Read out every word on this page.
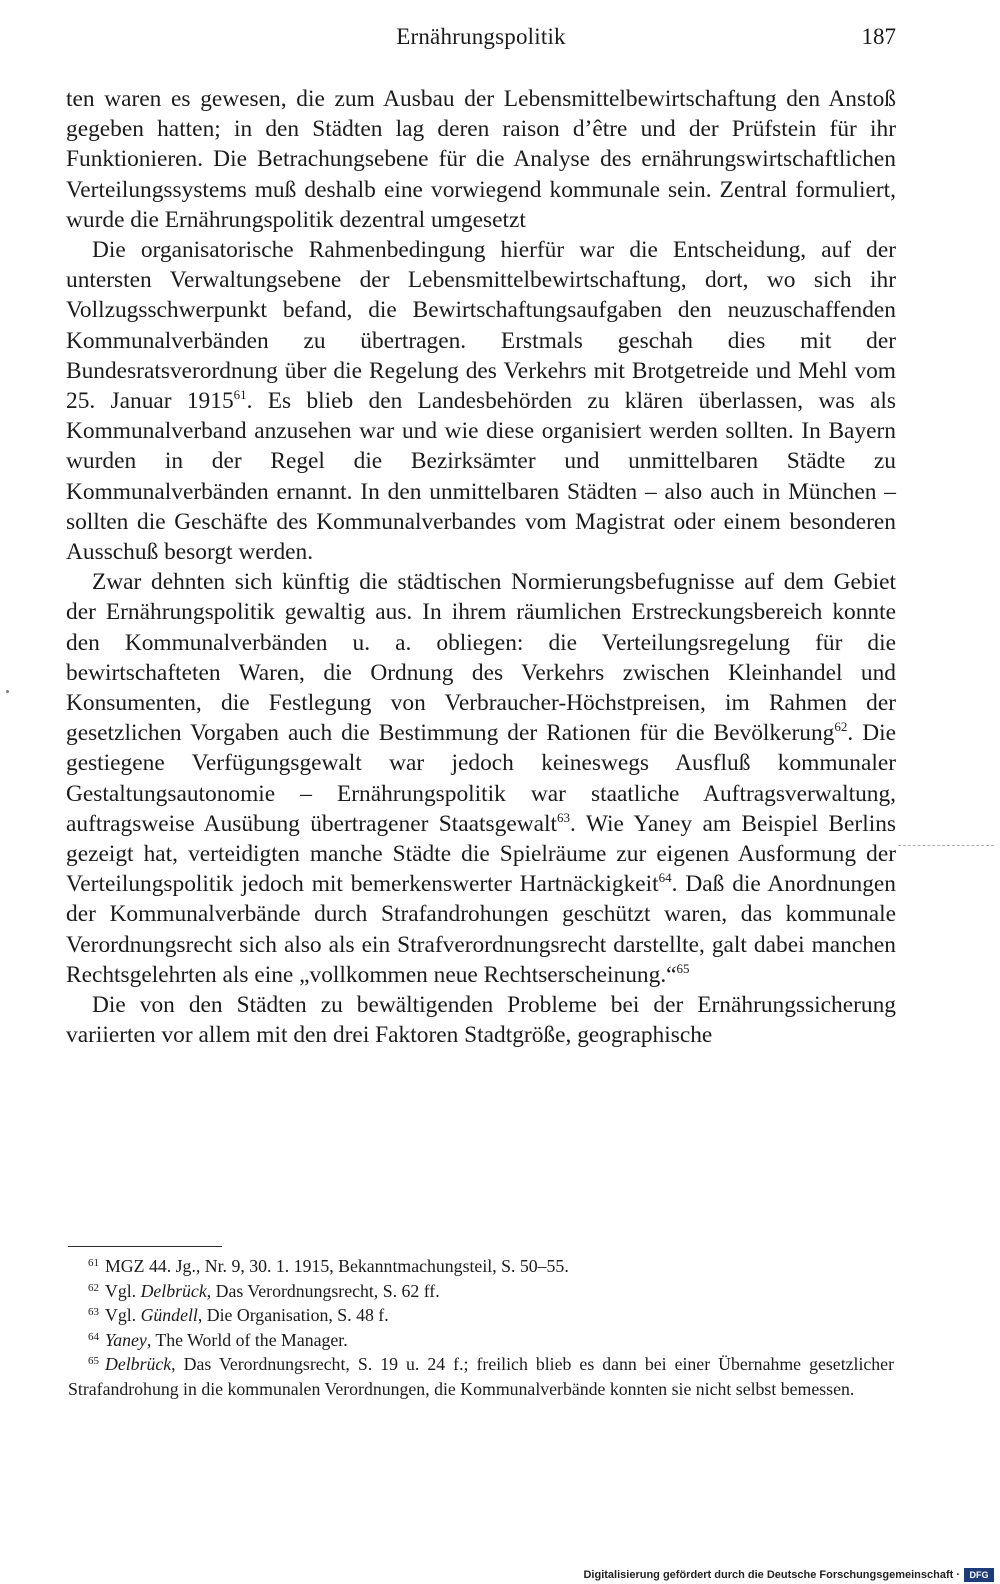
Ernährungspolitik	187

ten waren es gewesen, die zum Ausbau der Lebensmittelbewirtschaftung den Anstoß gegeben hatten; in den Städten lag deren raison d’être und der Prüfstein für ihr Funktionieren. Die Betrachungsebene für die Analyse des ernährungswirtschaftlichen Verteilungssystems muß deshalb eine vorwiegend kommunale sein. Zentral formuliert, wurde die Ernährungspolitik dezentral umgesetzt

Die organisatorische Rahmenbedingung hierfür war die Entscheidung, auf der untersten Verwaltungsebene der Lebensmittelbewirtschaftung, dort, wo sich ihr Vollzugsschwerpunkt befand, die Bewirtschaftungsaufgaben den neuzuschaffenden Kommunalverbänden zu übertragen. Erstmals geschah dies mit der Bundesratsverordnung über die Regelung des Verkehrs mit Brotgetreide und Mehl vom 25. Januar 1915$^{61}$. Es blieb den Landesbehörden zu klären überlassen, was als Kommunalverband anzusehen war und wie diese organisiert werden sollten. In Bayern wurden in der Regel die Bezirksämter und unmittelbaren Städte zu Kommunalverbänden ernannt. In den unmittelbaren Städten – also auch in München – sollten die Geschäfte des Kommunalverbandes vom Magistrat oder einem besonderen Ausschuß besorgt werden.

Zwar dehnten sich künftig die städtischen Normierungsbefugnisse auf dem Gebiet der Ernährungspolitik gewaltig aus. In ihrem räumlichen Erstreckungsbereich konnte den Kommunalverbänden u. a. obliegen: die Verteilungsregelung für die bewirtschafteten Waren, die Ordnung des Verkehrs zwischen Kleinhandel und Konsumenten, die Festlegung von Verbraucher-Höchstpreisen, im Rahmen der gesetzlichen Vorgaben auch die Bestimmung der Rationen für die Bevölkerung$^{62}$. Die gestiegene Verfügungsgewalt war jedoch keineswegs Ausfluß kommunaler Gestaltungsautonomie – Ernährungspolitik war staatliche Auftragsverwaltung, auftragsweise Ausübung übertragener Staatsgewalt$^{63}$. Wie Yaney am Beispiel Berlins gezeigt hat, verteidigten manche Städte die Spielräume zur eigenen Ausformung der Verteilungspolitik jedoch mit bemerkenswerter Hartnäckigkeit$^{64}$. Daß die Anordnungen der Kommunalverbände durch Strafandrohungen geschützt waren, das kommunale Verordnungsrecht sich also als ein Strafverordnungsrecht darstellte, galt dabei manchen Rechtsgelehrten als eine „vollkommen neue Rechtserscheinung.“$^{65}$

Die von den Städten zu bewältigenden Probleme bei der Ernährungssicherung variierten vor allem mit den drei Faktoren Stadtgröße, geographische

$^{61}$ MGZ 44. Jg., Nr. 9, 30. 1. 1915, Bekanntmachungsteil, S. 50–55.

$^{62}$ Vgl. Delbrück, Das Verordnungsrecht, S. 62 ff.

$^{63}$ Vgl. Gündell, Die Organisation, S. 48 f.

$^{64}$ Yaney, The World of the Manager.

$^{65}$ Delbrück, Das Verordnungsrecht, S. 19 u. 24 f.; freilich blieb es dann bei einer Übernahme gesetzlicher Strafandrohung in die kommunalen Verordnungen, die Kommunalverbände konnten sie nicht selbst bemessen.

Digitalisierung gefördert durch die Deutsche Forschungsgemeinschaft ·	DFG
